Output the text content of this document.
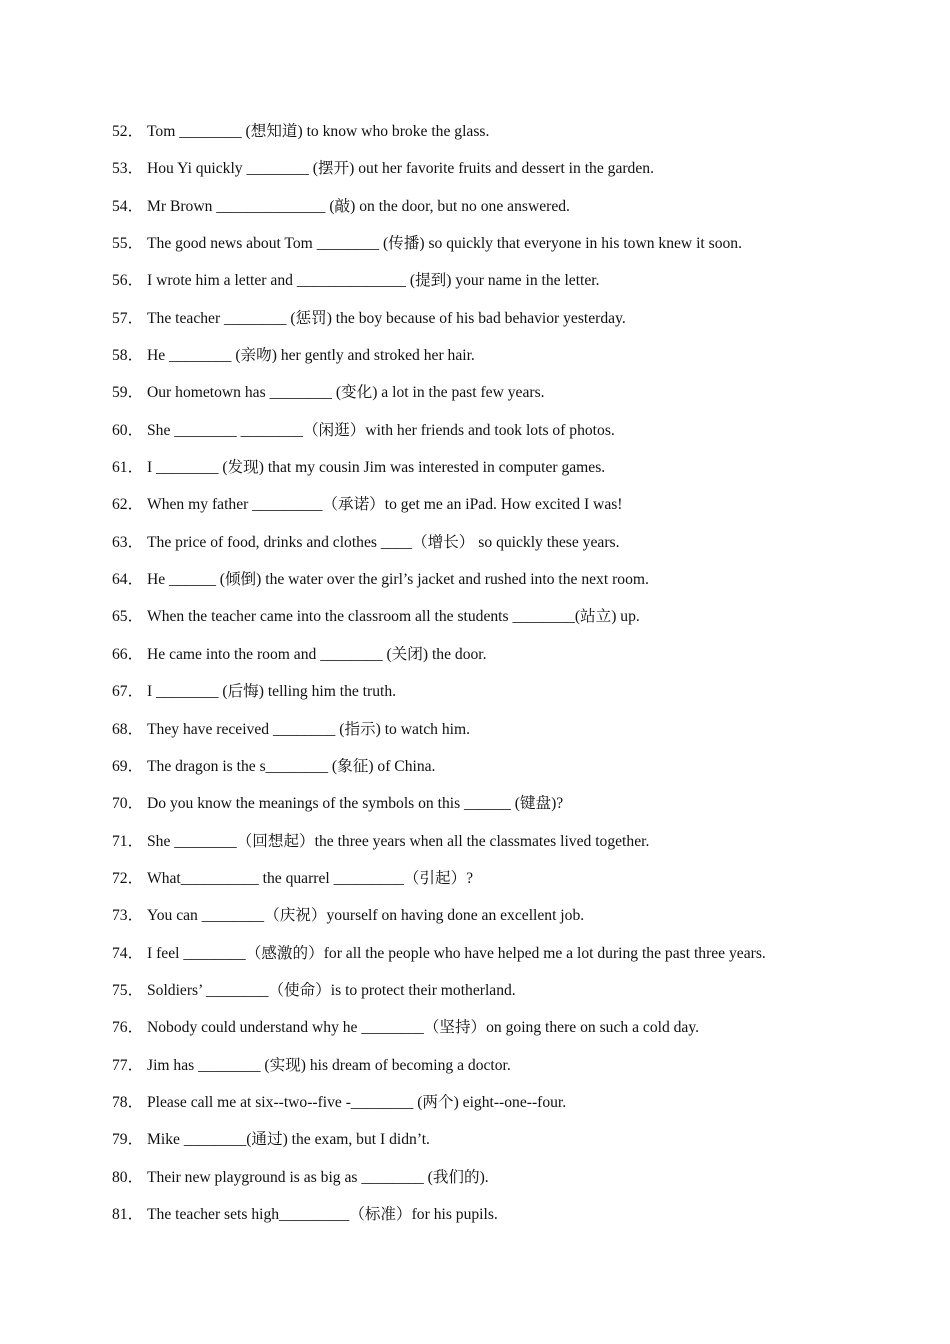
52． Tom ________ (想知道) to know who broke the glass.
53． Hou Yi quickly ________ (摆开) out her favorite fruits and dessert in the garden.
54． Mr Brown ______________ (敲) on the door, but no one answered.
55． The good news about Tom ________ (传播) so quickly that everyone in his town knew it soon.
56． I wrote him a letter and ______________ (提到) your name in the letter.
57． The teacher ________ (惩罚) the boy because of his bad behavior yesterday.
58． He ________ (亲吻) her gently and stroked her hair.
59． Our hometown has ________ (变化) a lot in the past few years.
60． She ________ ________（闲逛）with her friends and took lots of photos.
61． I ________ (发现) that my cousin Jim was interested in computer games.
62． When my father _________（承诺）to get me an iPad. How excited I was!
63． The price of food, drinks and clothes ____（增长） so quickly these years.
64． He ______ (倾倒) the water over the girl’s jacket and rushed into the next room.
65． When the teacher came into the classroom all the students ________(站立) up.
66． He came into the room and ________ (关闭) the door.
67． I ________ (后悔) telling him the truth.
68． They have received ________ (指示) to watch him.
69． The dragon is the s________ (象征) of China.
70． Do you know the meanings of the symbols on this ______ (键盘)?
71． She ________（回想起）the three years when all the classmates lived together.
72． What__________ the quarrel _________（引起）?
73． You can ________（庆祝）yourself on having done an excellent job.
74． I feel ________（感激的）for all the people who have helped me a lot during the past three years.
75． Soldiers’ ________（使命）is to protect their motherland.
76． Nobody could understand why he ________（坚持）on going there on such a cold day.
77． Jim has ________ (实现) his dream of becoming a doctor.
78． Please call me at six--two--five -________ (两个) eight--one--four.
79． Mike ________(通过) the exam, but I didn’t.
80． Their new playground is as big as ________ (我们的).
81． The teacher sets high_________（标准）for his pupils.
